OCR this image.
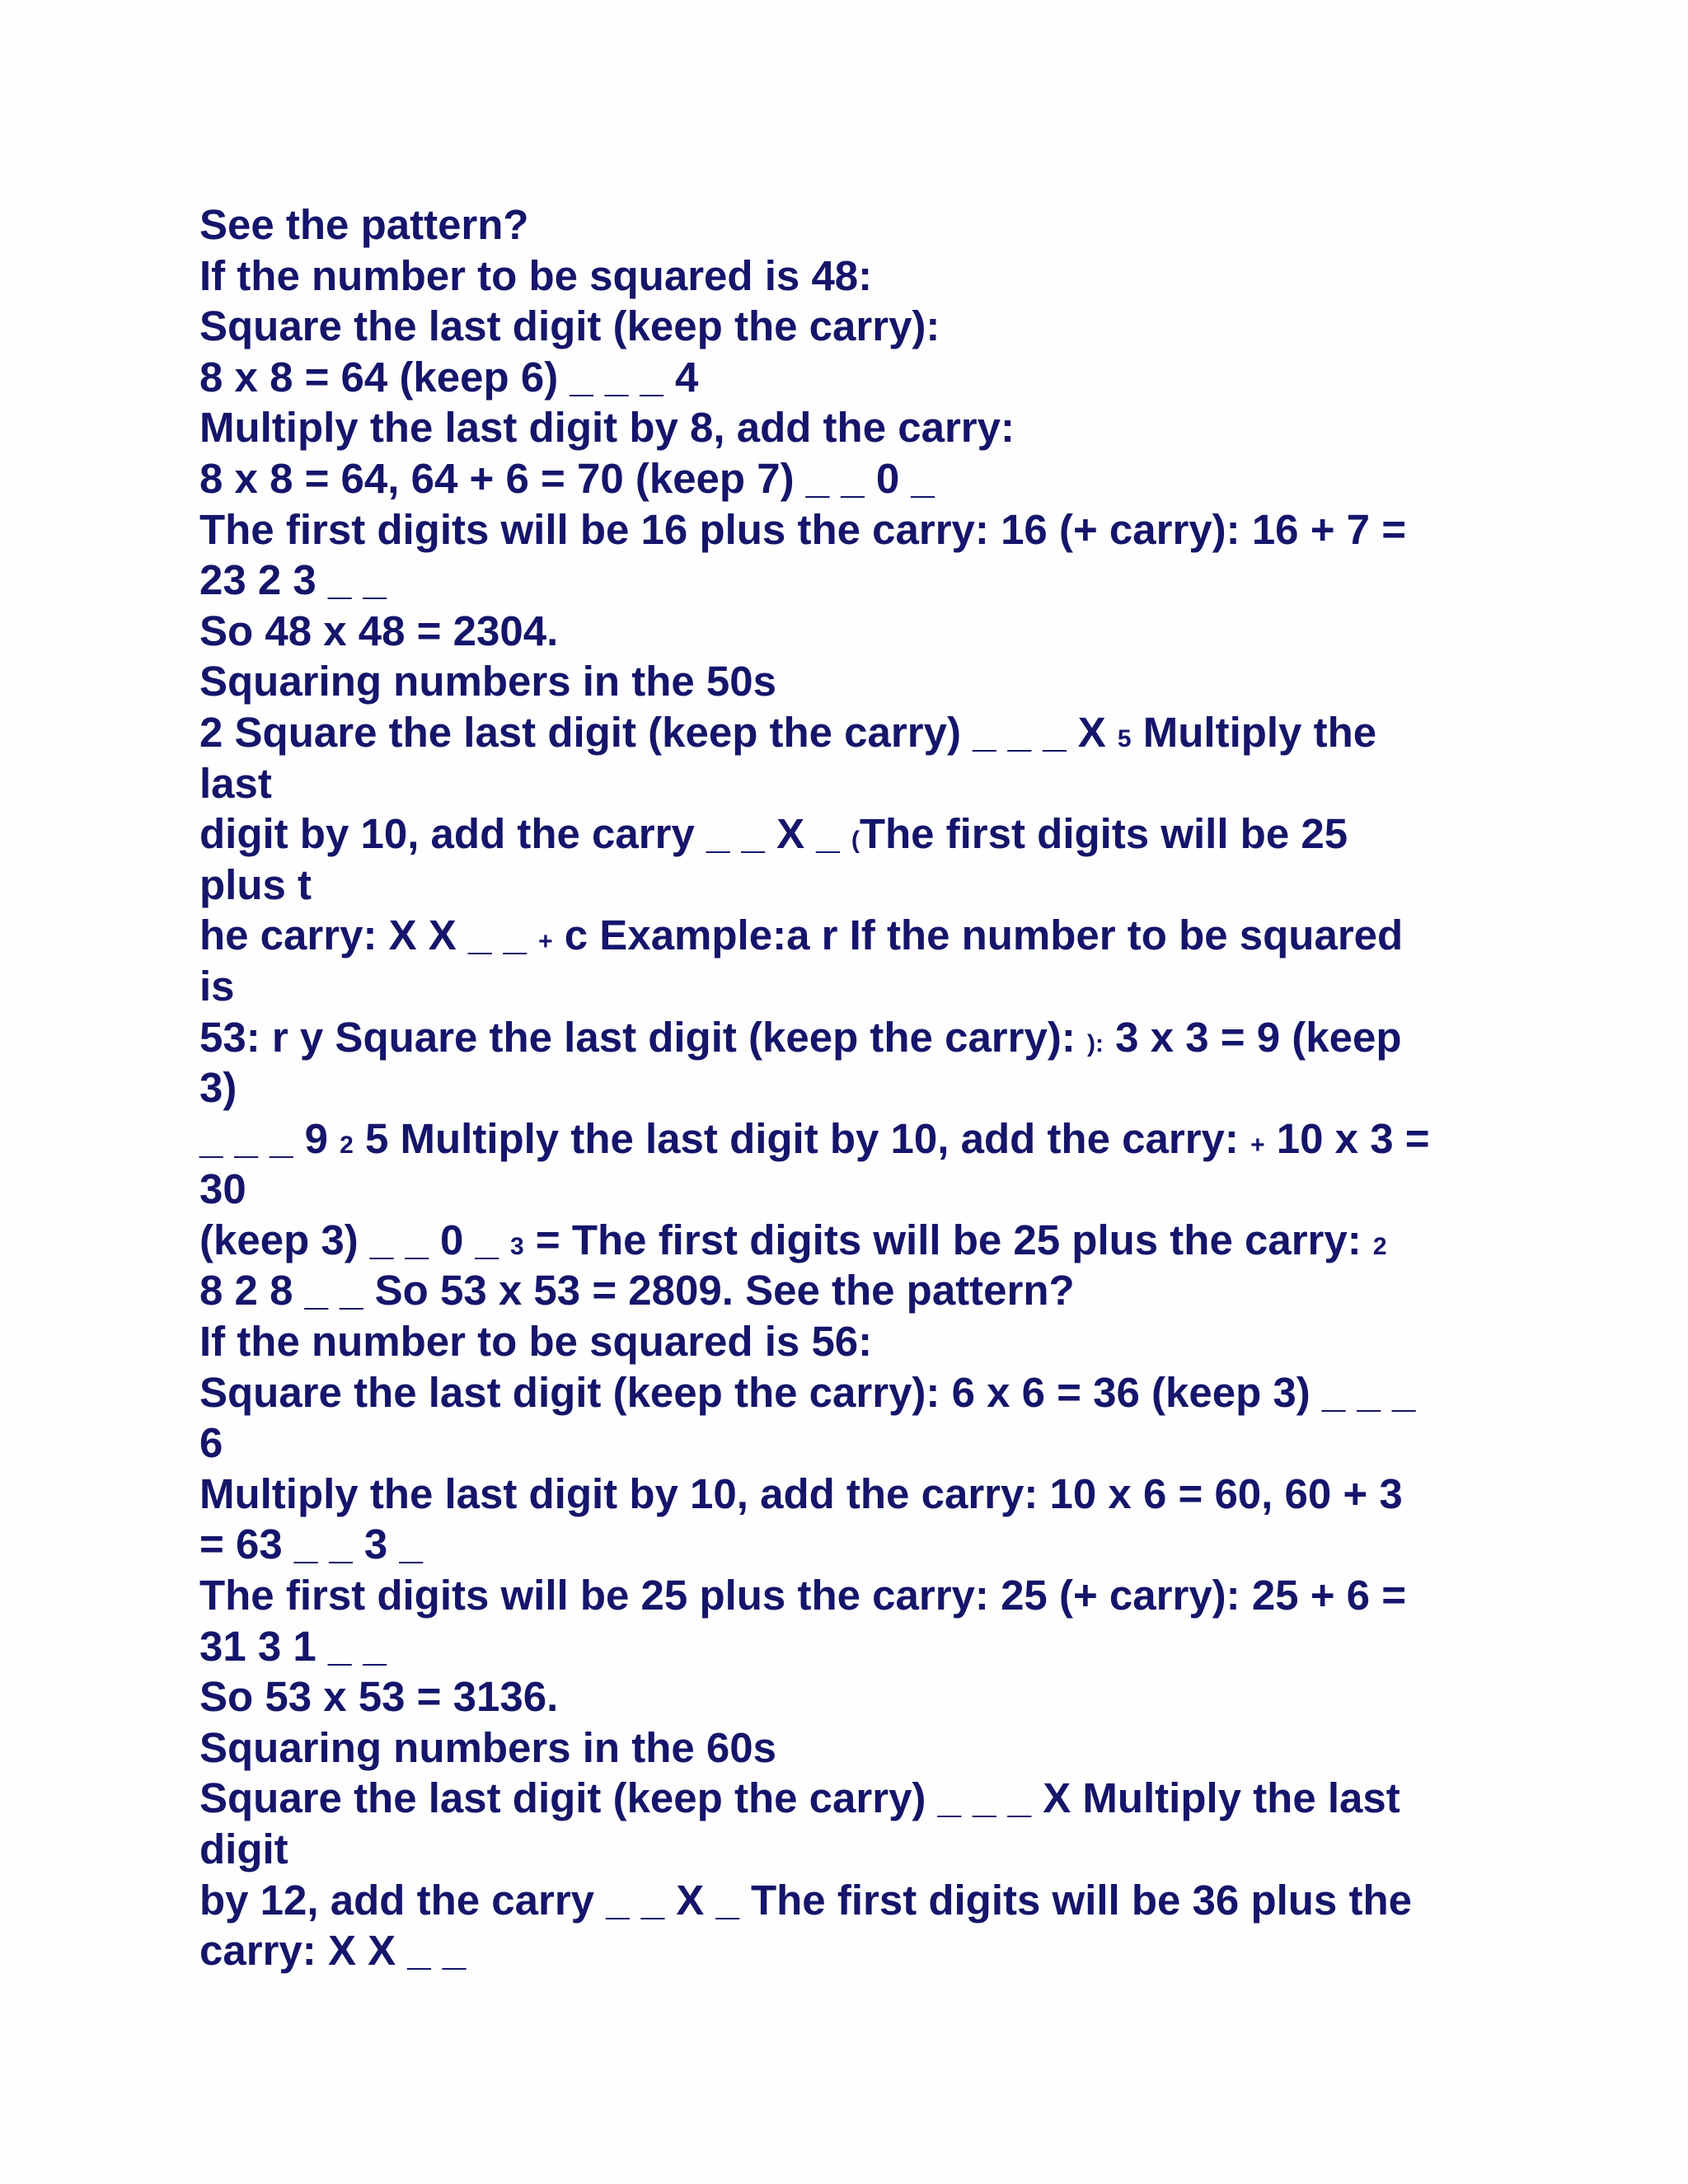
See the pattern?
If the number to be squared is 48:
Square the last digit (keep the carry):
8 x 8 = 64 (keep 6) _ _ _ 4
Multiply the last digit by 8, add the carry:
8 x 8 = 64, 64 + 6 = 70 (keep 7) _ _ 0 _
The first digits will be 16 plus the carry: 16 (+ carry): 16 + 7 =
23 2 3 _ _
So 48 x 48 = 2304.
Squaring numbers in the 50s
2 Square the last digit (keep the carry) _ _ _ X 5 Multiply the
last
digit by 10, add the carry _ _ X _ (The first digits will be 25
plus t
he carry: X X _ _ + c Example:a r If the number to be squared
is
53: r y Square the last digit (keep the carry): ): 3 x 3 = 9 (keep
3)
_ _ _ 9 2 5 Multiply the last digit by 10, add the carry: + 10 x 3 =
30
(keep 3) _ _ 0 _ 3 = The first digits will be 25 plus the carry: 2
8 2 8 _ _ So 53 x 53 = 2809. See the pattern?
If the number to be squared is 56:
Square the last digit (keep the carry): 6 x 6 = 36 (keep 3) _ _ _
6
Multiply the last digit by 10, add the carry: 10 x 6 = 60, 60 + 3
= 63 _ _ 3 _
The first digits will be 25 plus the carry: 25 (+ carry): 25 + 6 =
31 3 1 _ _
So 53 x 53 = 3136.
Squaring numbers in the 60s
Square the last digit (keep the carry) _ _ _ X Multiply the last
digit
by 12, add the carry _ _ X _ The first digits will be 36 plus the
carry: X X _ _
